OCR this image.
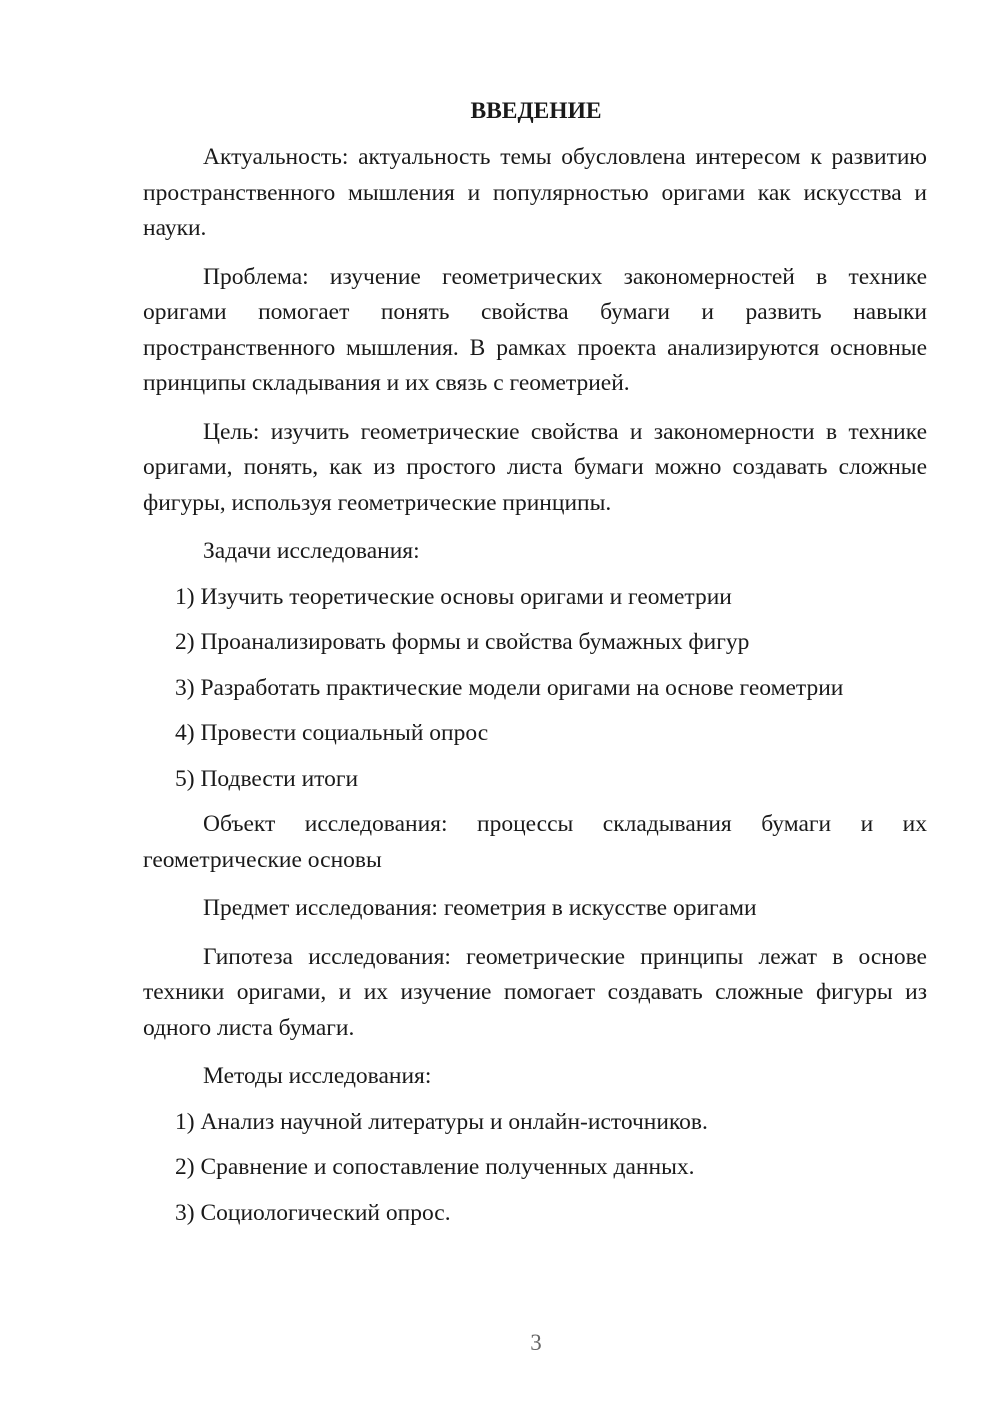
ВВЕДЕНИЕ

Актуальность: актуальность темы обусловлена интересом к развитию пространственного мышления и популярностью оригами как искусства и науки.

Проблема: изучение геометрических закономерностей в технике оригами помогает понять свойства бумаги и развить навыки пространственного мышления. В рамках проекта анализируются основные принципы складывания и их связь с геометрией.

Цель: изучить геометрические свойства и закономерности в технике оригами, понять, как из простого листа бумаги можно создавать сложные фигуры, используя геометрические принципы.

Задачи исследования:

1) Изучить теоретические основы оригами и геометрии
2) Проанализировать формы и свойства бумажных фигур
3) Разработать практические модели оригами на основе геометрии
4) Провести социальный опрос
5) Подвести итоги

Объект исследования: процессы складывания бумаги и их геометрические основы

Предмет исследования: геометрия в искусстве оригами

Гипотеза исследования: геометрические принципы лежат в основе техники оригами, и их изучение помогает создавать сложные фигуры из одного листа бумаги.

Методы исследования:

1) Анализ научной литературы и онлайн-источников.
2) Сравнение и сопоставление полученных данных.
3) Социологический опрос.
3
